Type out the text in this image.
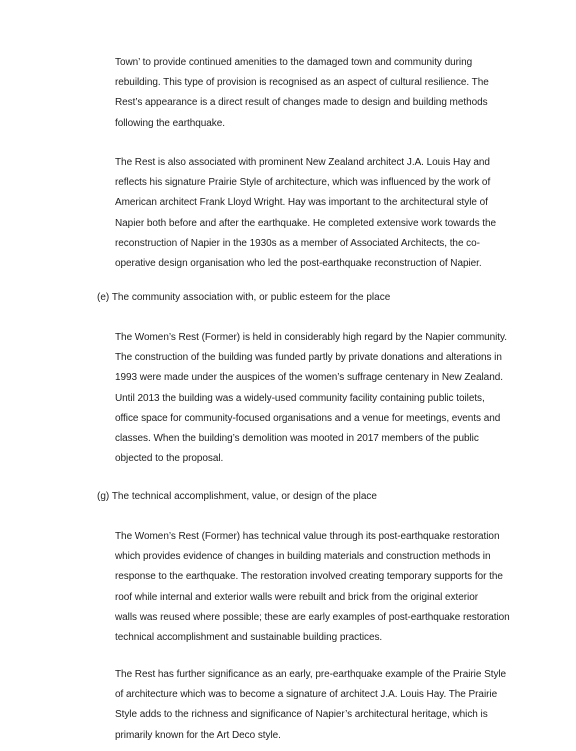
Town’ to provide continued amenities to the damaged town and community during
rebuilding. This type of provision is recognised as an aspect of cultural resilience. The
Rest’s appearance is a direct result of changes made to design and building methods
following the earthquake.
The Rest is also associated with prominent New Zealand architect J.A. Louis Hay and
reflects his signature Prairie Style of architecture, which was influenced by the work of
American architect Frank Lloyd Wright. Hay was important to the architectural style of
Napier both before and after the earthquake. He completed extensive work towards the
reconstruction of Napier in the 1930s as a member of Associated Architects, the co-
operative design organisation who led the post-earthquake reconstruction of Napier.
(e) The community association with, or public esteem for the place
The Women’s Rest (Former) is held in considerably high regard by the Napier community.
The construction of the building was funded partly by private donations and alterations in
1993 were made under the auspices of the women’s suffrage centenary in New Zealand.
Until 2013 the building was a widely-used community facility containing public toilets,
office space for community-focused organisations and a venue for meetings, events and
classes. When the building’s demolition was mooted in 2017 members of the public
objected to the proposal.
(g) The technical accomplishment, value, or design of the place
The Women’s Rest (Former) has technical value through its post-earthquake restoration
which provides evidence of changes in building materials and construction methods in
response to the earthquake. The restoration involved creating temporary supports for the
roof while internal and exterior walls were rebuilt and brick from the original exterior
walls was reused where possible; these are early examples of post-earthquake restoration
technical accomplishment and sustainable building practices.
The Rest has further significance as an early, pre-earthquake example of the Prairie Style
of architecture which was to become a signature of architect J.A. Louis Hay. The Prairie
Style adds to the richness and significance of Napier’s architectural heritage, which is
primarily known for the Art Deco style.
